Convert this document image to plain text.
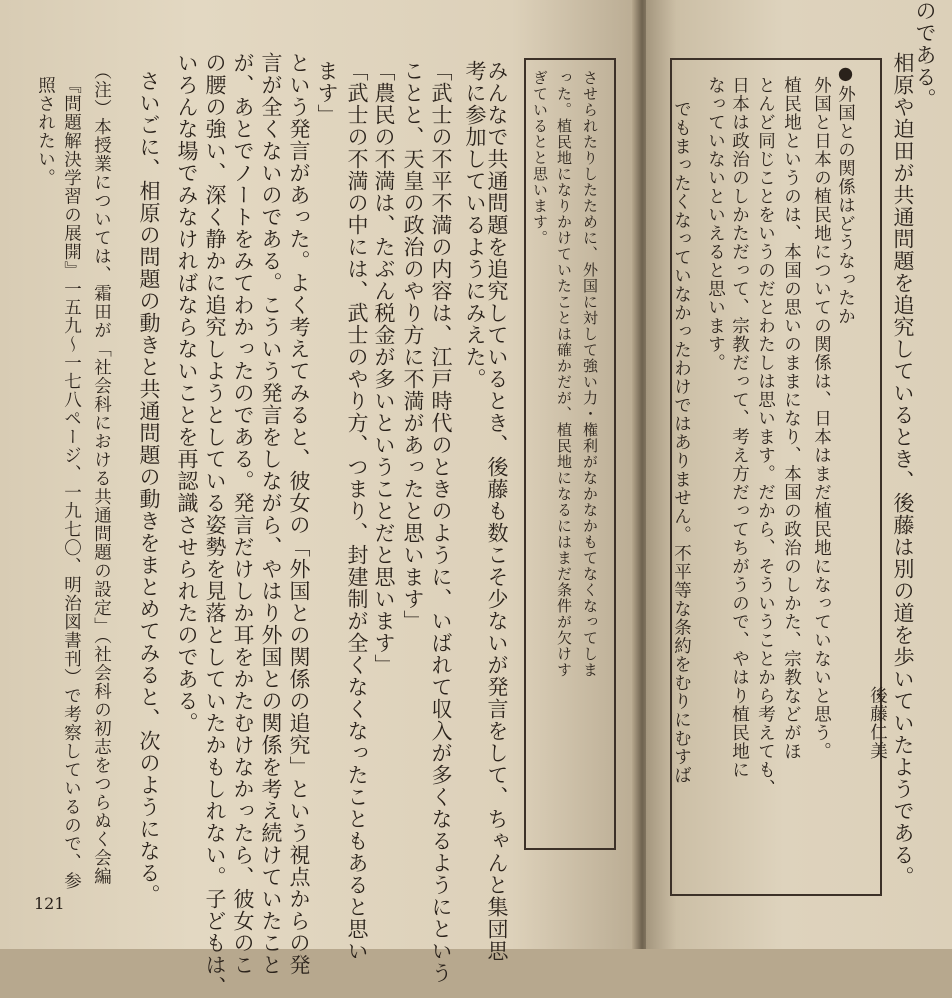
させられたりしたために、外国に対して強い力・権利がなかなかもてなくなってしま
った。植民地になりかけていたことは確かだが、植民地になるにはまだ条件が欠けす
ぎているとと思います。
みんなで共通問題を追究しているとき、後藤も数こそ少ないが発言をして、ちゃんと集団思
考に参加しているようにみえた。
「武士の不平不満の内容は、江戸時代のときのように、いばれて収入が多くなるようにという
ことと、天皇の政治のやり方に不満があったと思います」
「農民の不満は、たぶん税金が多いということだと思います」
「武士の不満の中には、武士のやり方、つまり、封建制が全くなくなったこともあると思い
ます」
という発言があった。よく考えてみると、彼女の「外国との関係の追究」という視点からの発
言が全くないのである。こういう発言をしながら、やはり外国との関係を考え続けていたこと
が、あとでノートをみてわかったのである。発言だけしか耳をかたむけなかったら、彼女のこ
の腰の強い、深く静かに追究しようとしている姿勢を見落としていたかもしれない。子どもは、
いろんな場でみなければならないことを再認識させられたのである。
さいごに、相原の問題の動きと共通問題の動きをまとめてみると、次のようになる。
（注）本授業については、霜田が「社会科における共通問題の設定」（社会科の初志をつらぬく会編
『問題解決学習の展開』一五九〜一七八ページ、一九七〇、明治図書刊）で考察しているので、参
照されたい。
121
のである。
相原や迫田が共通問題を追究しているとき、後藤は別の道を歩いていたようである。
●外国との関係はどうなったか
外国と日本の植民地についての関係は、日本はまだ植民地になっていないと思う。
植民地というのは、本国の思いのままになり、本国の政治のしかた、宗教などがほ
とんど同じことをいうのだとわたしは思います。だから、そういうことから考えても、
日本は政治のしかただって、宗教だって、考え方だってちがうので、やはり植民地に
なっていないといえると思います。
でもまったくなっていなかったわけではありません。不平等な条約をむりにむすば	後藤仁美
